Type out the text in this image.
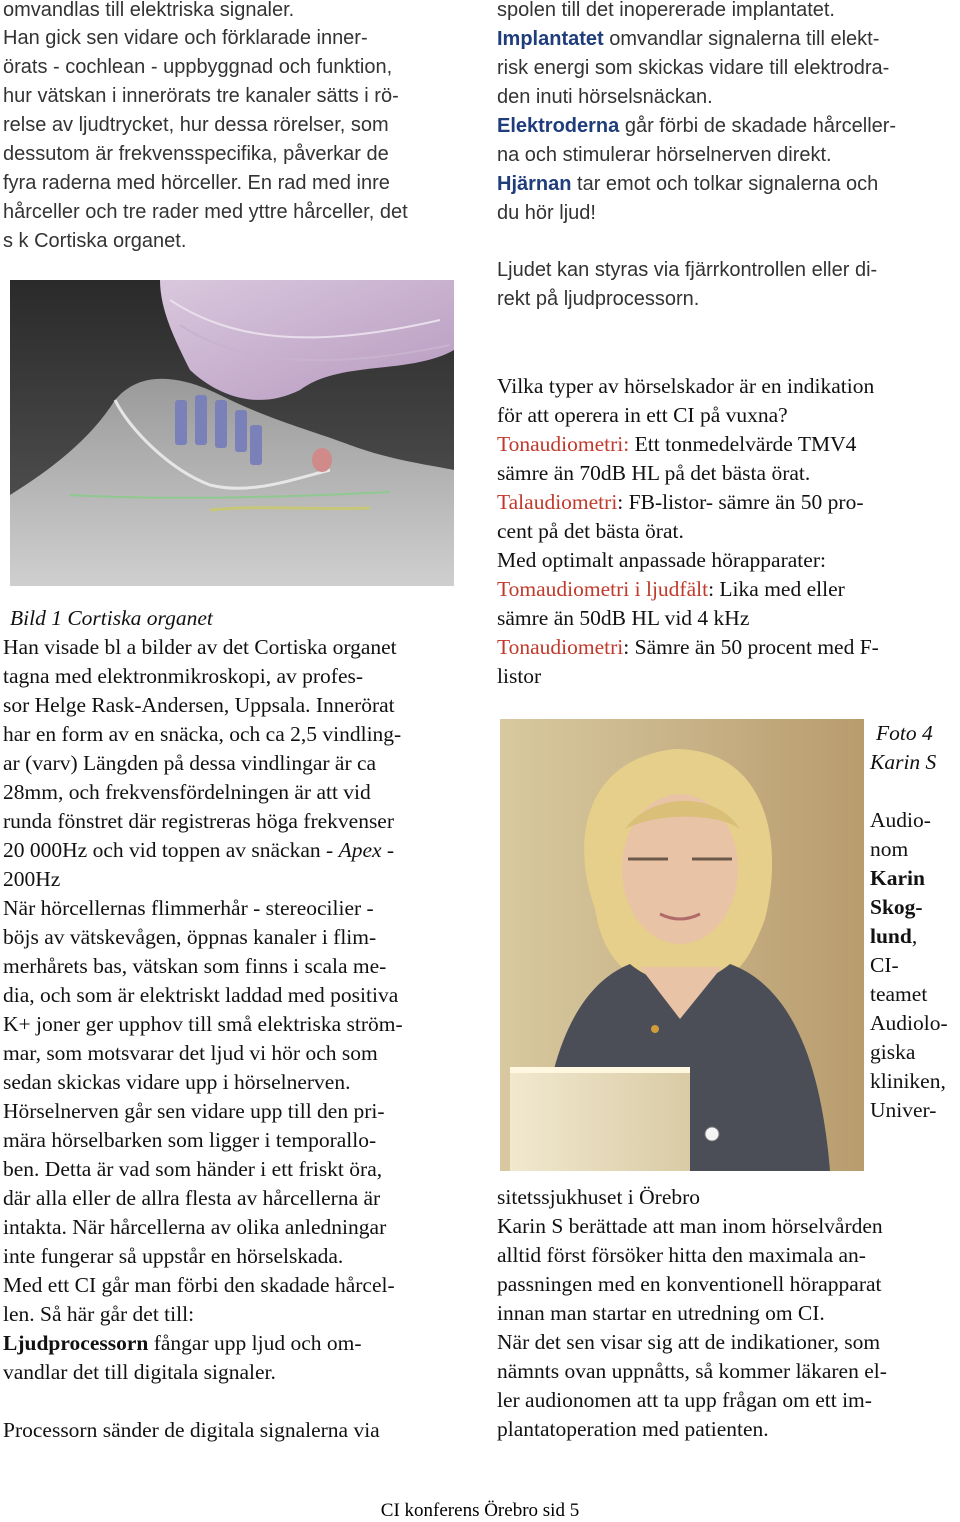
omvandlas till elektriska signaler.
Han gick sen vidare och förklarade inner-
örats - cochlean - uppbyggnad och funktion,
hur vätskan i innerörats tre kanaler sätts i rö-
relse av ljudtrycket, hur dessa rörelser, som
dessutom är frekvensspecifika, påverkar de
fyra raderna med hörceller. En rad med inre
hårceller och tre rader med yttre hårceller, det
s k Cortiska organet.
spolen till det inopererade implantatet.
Implantatet omvandlar signalerna till elekt-
risk energi som skickas vidare till elektrodra-
den inuti hörselsnäckan.
Elektroderna går förbi de skadade hårceller-
na och stimulerar hörselnerven direkt.
Hjärnan tar emot och tolkar signalerna och
du hör ljud!
Ljudet kan styras via fjärrkontrollen eller di-
rekt på ljudprocessorn.
Bild 1 Cortiska organet
Han visade bl a bilder av det Cortiska organet
tagna med elektronmikroskopi, av profes-
sor Helge Rask-Andersen, Uppsala. Innerörat
har en form av en snäcka, och ca 2,5 vindling-
ar (varv) Längden på dessa vindlingar är ca
28mm, och frekvensfördelningen är att vid
runda fönstret där registreras höga frekvenser
20 000Hz och vid toppen av snäckan - Apex -
200Hz
När hörcellernas flimmerhår - stereocilier -
böjs av vätskevågen, öppnas kanaler i flim-
merhårets bas, vätskan som finns i scala me-
dia, och som är elektriskt laddad med positiva
K+ joner ger upphov till små elektriska ström-
mar, som motsvarar det ljud vi hör och som
sedan skickas vidare upp i hörselnerven.
Hörselnerven går sen vidare upp till den pri-
mära hörselbarken som ligger i temporallo-
ben. Detta är vad som händer i ett friskt öra,
där alla eller de allra flesta av hårcellerna är
intakta. När hårcellerna av olika anledningar
inte fungerar så uppstår en hörselskada.
Med ett CI går man förbi den skadade hårcel-
len. Så här går det till:
Ljudprocessorn fångar upp ljud och om-
vandlar det till digitala signaler.
Processorn sänder de digitala signalerna via
Vilka typer av hörselskador är en indikation
för att operera in ett CI på vuxna?
Tonaudiometri: Ett tonmedelvärde TMV4
sämre än 70dB HL på det bästa örat.
Talaudiometri: FB-listor- sämre än 50 pro-
cent på det bästa örat.
Med optimalt anpassade hörapparater:
Tomaudiometri i ljudfält: Lika med eller
sämre än 50dB HL vid 4 kHz
Tonaudiometri: Sämre än 50 procent med F-
listor
Foto 4
Karin S
Audio-
nom
Karin
Skog-
lund,
CI-
teamet
Audiolo-
giska
kliniken,
Univer-
sitetssjukhuset i Örebro
Karin S berättade att man inom hörselvården
alltid först försöker hitta den maximala an-
passningen med en konventionell hörapparat
innan man startar en utredning om CI.
När det sen visar sig att de indikationer, som
nämnts ovan uppnåtts, så kommer läkaren el-
ler audionomen att ta upp frågan om ett im-
plantatoperation med patienten.
CI konferens Örebro sid 5
